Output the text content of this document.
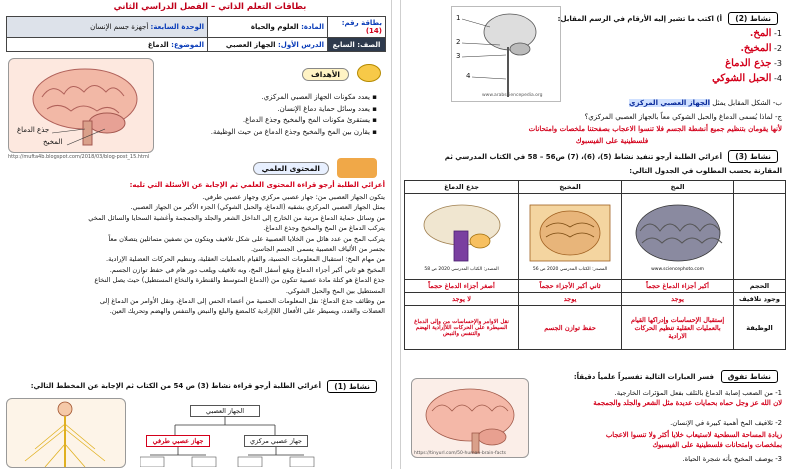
بطاقات التعلم الذاتي – الفصل الدراسي الثاني
بطاقة رقم: (14)	المادة: العلوم والحياة	الوحدة السابعة: أجهزة جسم الإنسان
الصف: السابع	الدرس الأول: الجهاز العصبي	الموضوع: الدماغ
جذع الدماغ
المخيخ
http://mufta4b.blogspot.com/2018/03/blog-post_15.html
الأهداف
▪ يعدد مكونات الجهاز العصبي المركزي.
▪ يعدد وسائل حماية دماغ الإنسان.
▪ يستقرئ مكونات المخ والمخيخ وجذع الدماغ.
▪ يقارن بين المخ والمخيخ وجذع الدماغ من حيث الوظيفة.
المحتوى العلمي
أعزائي الطلبة أرجو قراءة المحتوى العلمي ثم الإجابة عن الأسئلة التي تليه:
يتكون الجهاز العصبي من: جهاز عصبي مركزي وجهاز عصبي طرفي.
يمثل الجهاز العصبي المركزي بشقيه (الدماغ، والحبل الشوكي) الجزء الأكبر من الجهاز العصبي.
من وسائل حماية الدماغ مرتبة من الخارج إلى الداخل الشعر والجلد والجمجمة وأغشية السحايا والسائل المخي
يتركب الدماغ من المخ والمخيخ وجذع الدماغ.
يتركب المخ من عدد هائل من الخلايا العصبية على شكل تلافيف ويتكون من نصفين متماثلين يتصلان معاً
بجسر من الألياف العصبية يسمى الجسم الجاسئ.
من مهام المخ: استقبال المعلومات الحسية، والقيام بالعمليات العقلية، وتنظيم الحركات العضلية الإرادية.
المخيخ هو ثاني أكبر أجزاء الدماغ ويقع أسفل المخ، وبه تلافيف ويلعب دور هام في حفظ توازن الجسم.
جذع الدماغ هو كتلة مادة عصبية تتكون من (الدماغ المتوسط والقنطرة والنخاع المستطيل) حيث يصل النخاع
المستطيل بين المخ والحبل الشوكي.
من وظائف جذع الدماغ: نقل المعلومات الحسية من أعضاء الحس إلى الدماغ، ونقل الأوامر من الدماغ إلى
العضلات والغدد، ويسيطر على الأفعال اللاإرادية كالمضغ والبلع والنبض والتنفس والهضم وتحريك العين.
نشاط (1)
أعزائي الطلبة أرجو قراءة نشاط (3) ص 54 من الكتاب ثم الإجابة عن المخطط التالي:
الجهاز العصبي
جهاز عصبي مركزي
جهاز عصبي طرفي
نشاط (2)
أ) اكتب ما تشير إليه الأرقام في الرسم المقابل:
1- المخ.
2- المخيخ.
3- جذع الدماغ
4- الحبل الشوكي
1
2
3
4
www.arabsciencepedia.org
ب- الشكل المقابل يمثل الجهاز العصبي المركزي
ج- لماذا يُسمى الدماغ والحبل الشوكي معاً بالجهاز العصبي المركزي؟
لأنها يقومان بتنظيم جميع أنشطة الجسم فلا تنسوا الاعجاب بصفحتنا ملخصات وامتحانات
فلسطينية على الفيسبوك
نشاط (3)
أعزائي الطلبة أرجو تنفيذ نشاط (5)، (6)، (7) ص56 – 58 في الكتاب المدرسي ثم
المقارنة بحسب المطلوب في الجدول التالي:
	المخ	المخيخ	جذع الدماغ

	www.sciencephoto.com	المصدر: الكتاب المدرسي 2020 ص 56	المصدر: الكتاب المدرسي 2020 ص 58

الحجم	أكبر أجزاء الدماغ حجماً	ثاني أكبر الأجزاء حجماً	أصغر أجزاء الدماغ حجماً
وجود تلافيف	يوجد	يوجد	لا يوجد
الوظيفة	إستقبال الإحساسات وإدراكها القيام بالعمليات العقلية تنظيم الحركات الارادية	حفظ توازن الجسم	نقل الاوامر والإحساسات من وإلى الدماغ السيطرة على الحركات اللاإرادية الهضم والتنفس والنبض
نشاط تفوق
فسر العبارات التالية تفسيراً علمياً دقيقاً:
1- من الصعب إصابة الدماغ بالتلف بفعل المؤثرات الخارجية.
لان الله عز وجل حماه بحمايات عديدة مثل الشعر والجلد والجمجمة
2- تلافيف المخ أهمية كبيرة في الإنسان.
زيادة المساحة السطحية لاستيعاب خلايا أكثر ولا تنسوا الاعجاب
بملخصات وامتحانات فلسطينية على الفيسبوك
3- يوصف المخيخ بأنه شجرة الحياة.
https://tinyurl.com/50-human-brain-facts
